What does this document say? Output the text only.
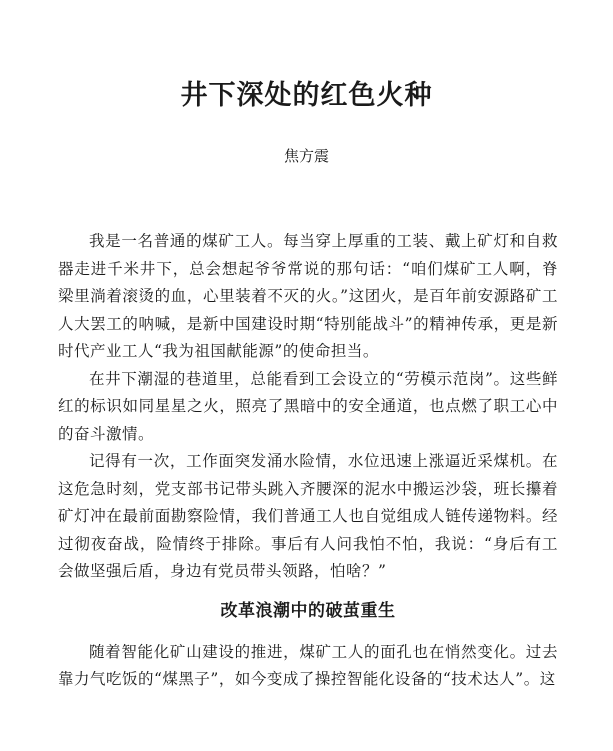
井下深处的红色火种
焦方震

我是一名普通的煤矿工人。每当穿上厚重的工装、戴上矿灯和自救器走进千米井下，总会想起爷爷常说的那句话：“咱们煤矿工人啊，脊梁里淌着滚烫的血，心里装着不灭的火。”这团火，是百年前安源路矿工人大罢工的呐喊，是新中国建设时期“特别能战斗”的精神传承，更是新时代产业工人“我为祖国献能源”的使命担当。

在井下潮湿的巷道里，总能看到工会设立的“劳模示范岗”。这些鲜红的标识如同星星之火，照亮了黑暗中的安全通道，也点燃了职工心中的奋斗激情。

记得有一次，工作面突发涌水险情，水位迅速上涨逼近采煤机。在这危急时刻，党支部书记带头跳入齐腰深的泥水中搬运沙袋，班长攥着矿灯冲在最前面勘察险情，我们普通工人也自觉组成人链传递物料。经过彻夜奋战，险情终于排除。事后有人问我怕不怕，我说：“身后有工会做坚强后盾，身边有党员带头领路，怕啥？”

改革浪潮中的破茧重生

随着智能化矿山建设的推进，煤矿工人的面孔也在悄然变化。过去靠力气吃饭的“煤黑子”，如今变成了操控智能化设备的“技术达人”。这
